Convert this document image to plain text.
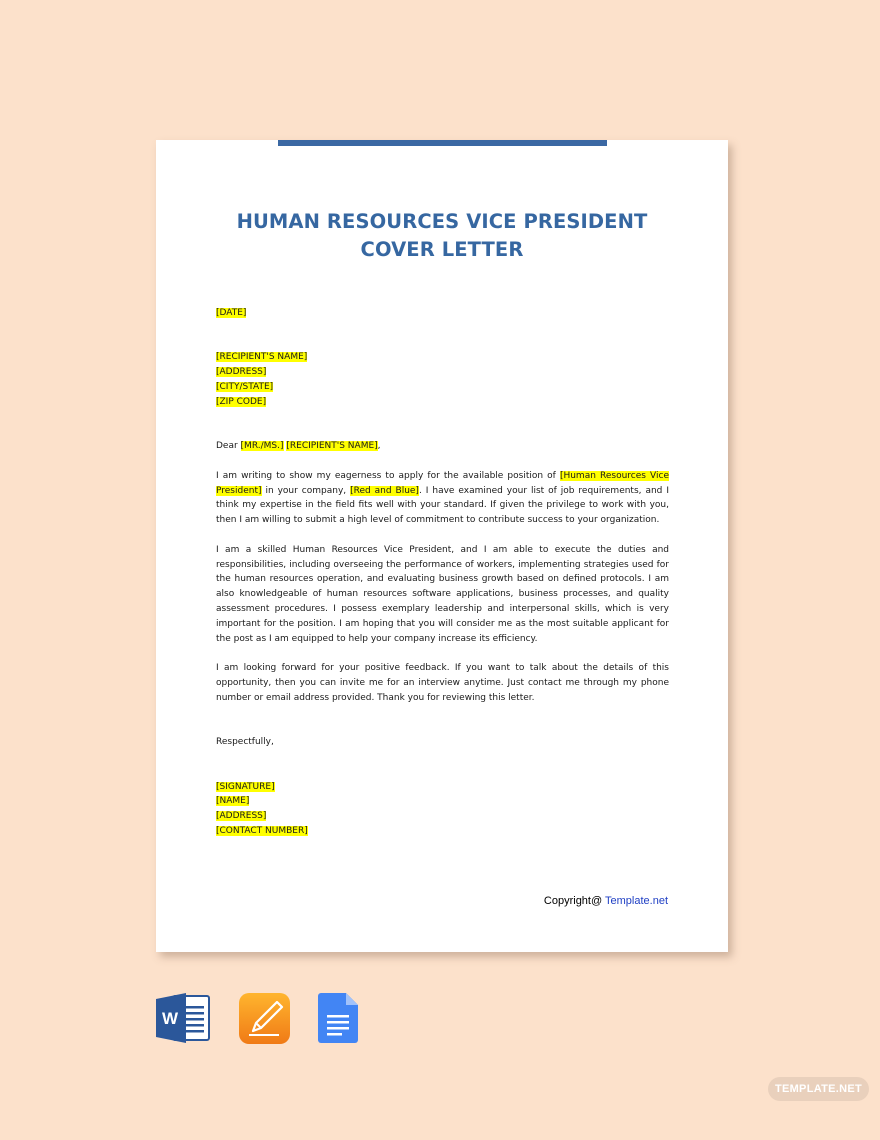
HUMAN RESOURCES VICE PRESIDENT
COVER LETTER
[DATE]
[RECIPIENT'S NAME]
[ADDRESS]
[CITY/STATE]
[ZIP CODE]
Dear [MR./MS.] [RECIPIENT'S NAME],
I am writing to show my eagerness to apply for the available position of [Human Resources Vice President] in your company, [Red and Blue]. I have examined your list of job requirements, and I think my expertise in the field fits well with your standard. If given the privilege to work with you, then I am willing to submit a high level of commitment to contribute success to your organization.
I am a skilled Human Resources Vice President, and I am able to execute the duties and responsibilities, including overseeing the performance of workers, implementing strategies used for the human resources operation, and evaluating business growth based on defined protocols. I am also knowledgeable of human resources software applications, business processes, and quality assessment procedures. I possess exemplary leadership and interpersonal skills, which is very important for the position. I am hoping that you will consider me as the most suitable applicant for the post as I am equipped to help your company increase its efficiency.
I am looking forward for your positive feedback. If you want to talk about the details of this opportunity, then you can invite me for an interview anytime. Just contact me through my phone number or email address provided. Thank you for reviewing this letter.
Respectfully,
[SIGNATURE]
[NAME]
[ADDRESS]
[CONTACT NUMBER]
Copyright@ Template.net
W
TEMPLATE.NET
